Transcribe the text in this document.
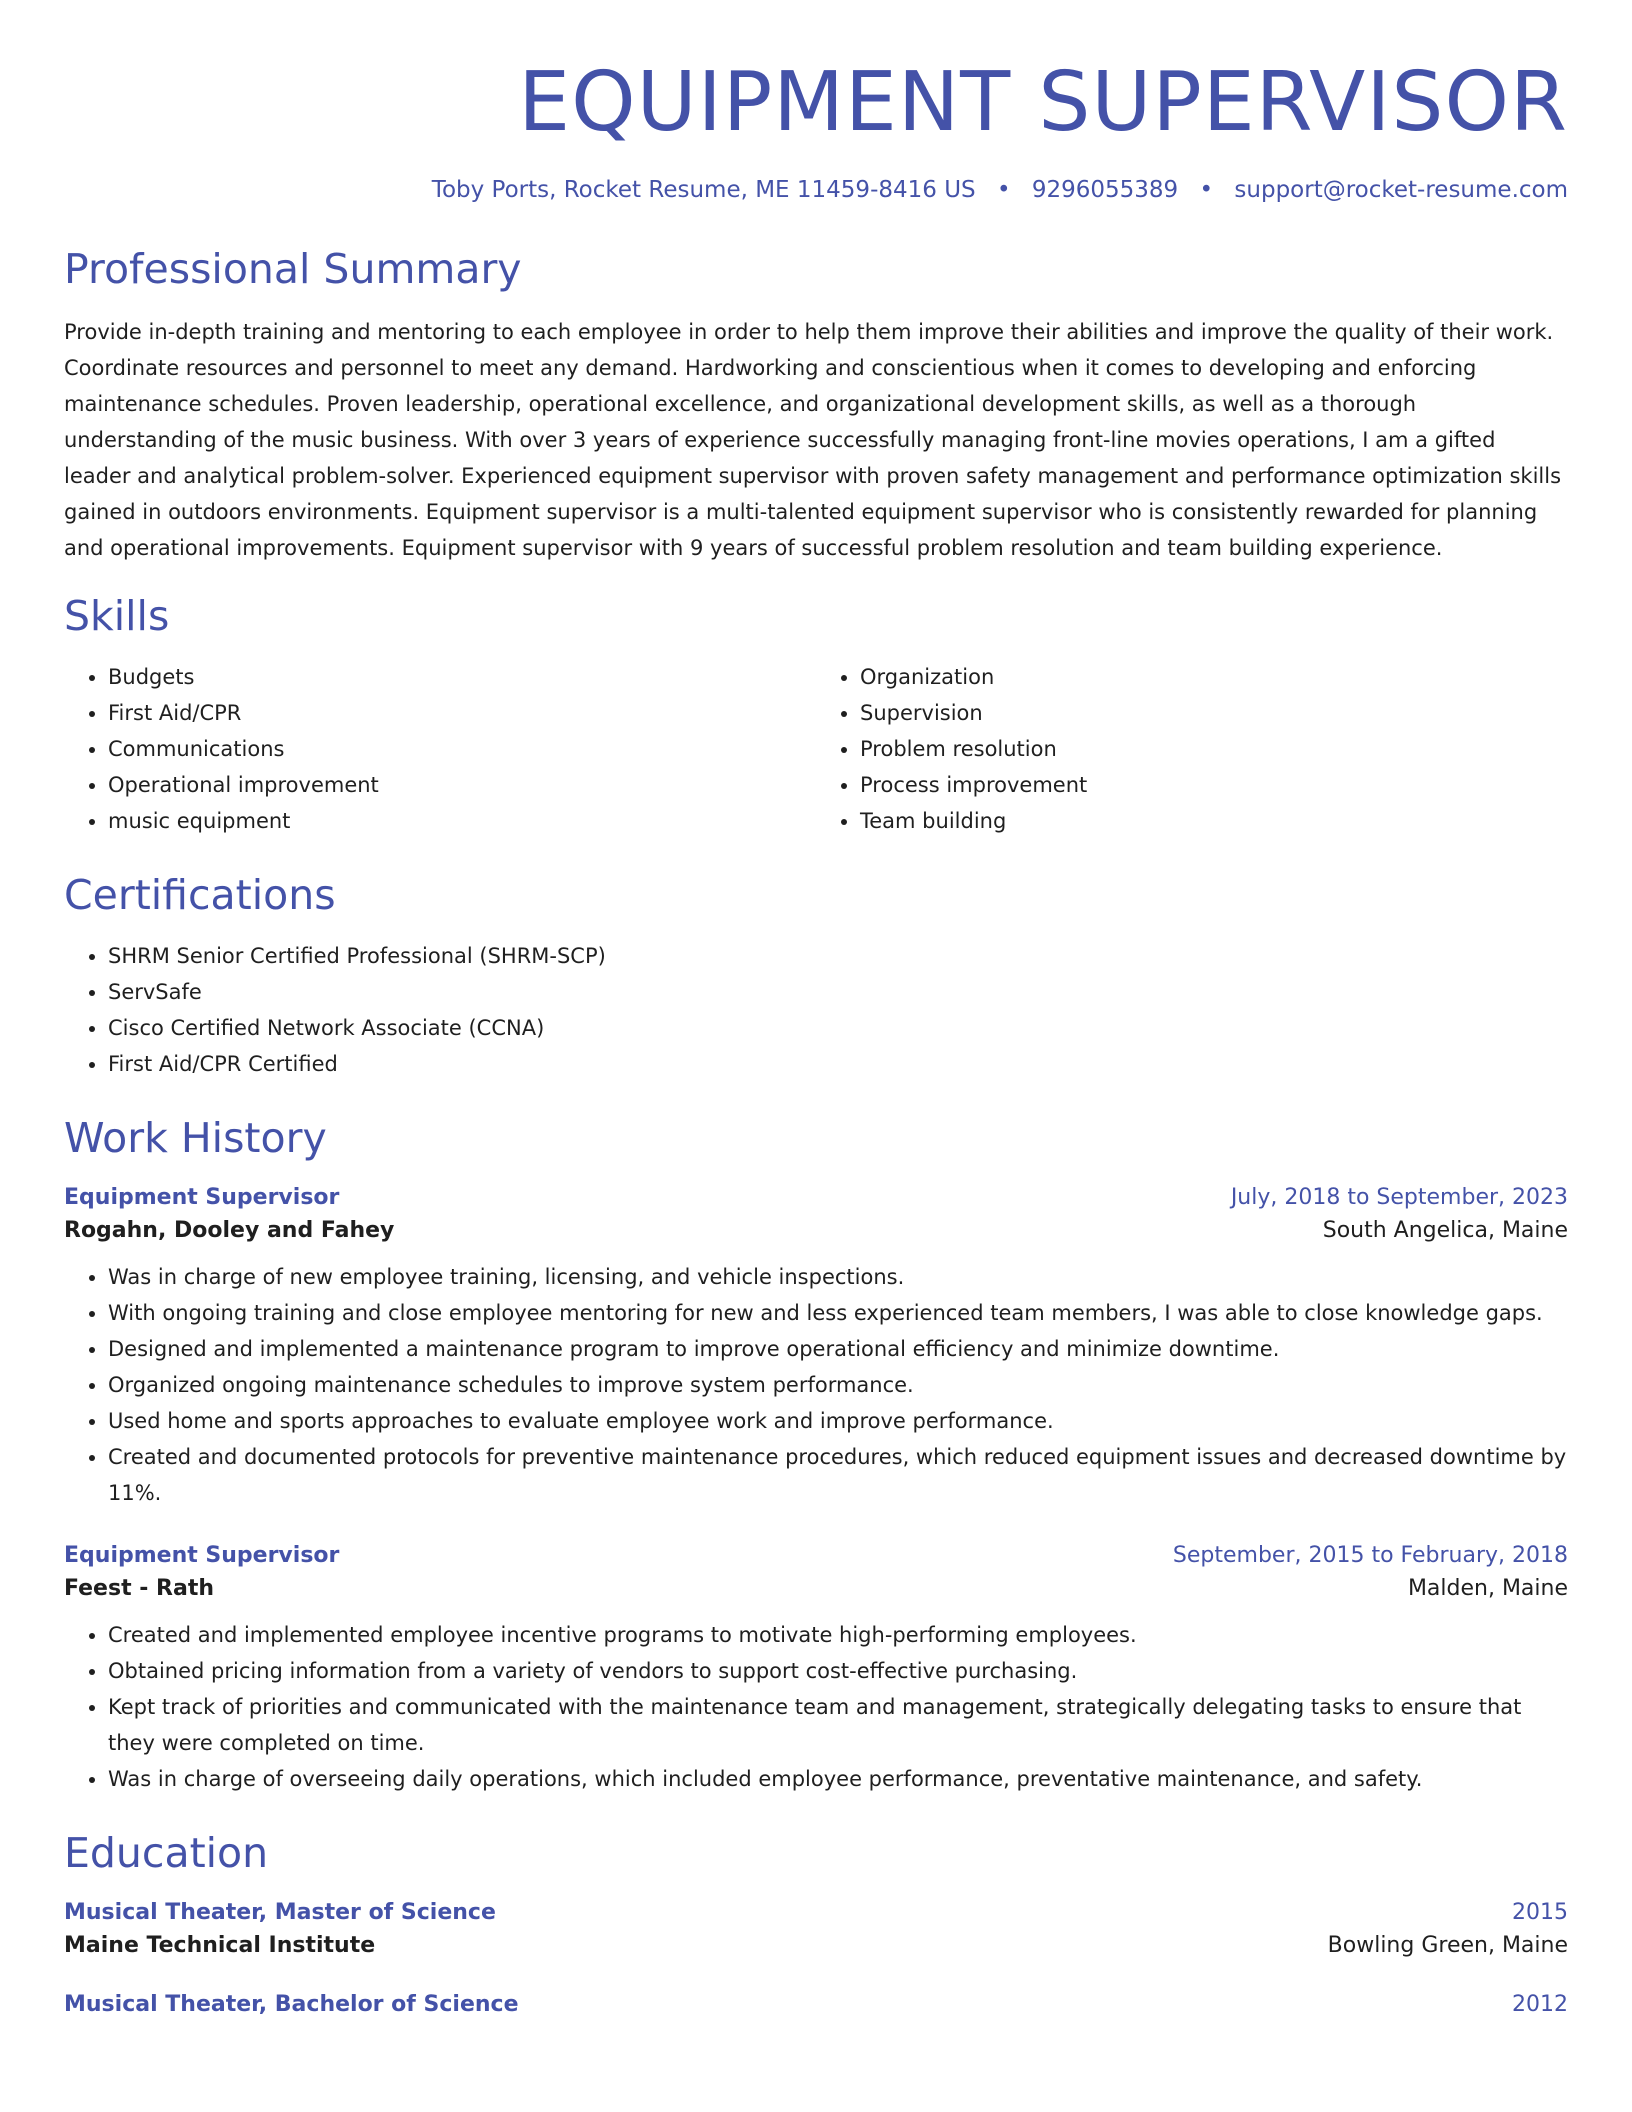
EQUIPMENT SUPERVISOR
Toby Ports, Rocket Resume, ME 11459-8416 US • 9296055389 • support@rocket-resume.com
Professional Summary
Provide in-depth training and mentoring to each employee in order to help them improve their abilities and improve the quality of their work. Coordinate resources and personnel to meet any demand. Hardworking and conscientious when it comes to developing and enforcing maintenance schedules. Proven leadership, operational excellence, and organizational development skills, as well as a thorough understanding of the music business. With over 3 years of experience successfully managing front-line movies operations, I am a gifted leader and analytical problem-solver. Experienced equipment supervisor with proven safety management and performance optimization skills gained in outdoors environments. Equipment supervisor is a multi-talented equipment supervisor who is consistently rewarded for planning and operational improvements. Equipment supervisor with 9 years of successful problem resolution and team building experience.
Skills
• Budgets
• First Aid/CPR
• Communications
• Operational improvement
• music equipment
• Organization
• Supervision
• Problem resolution
• Process improvement
• Team building
Certifications
• SHRM Senior Certified Professional (SHRM-SCP)
• ServSafe
• Cisco Certified Network Associate (CCNA)
• First Aid/CPR Certified
Work History
Equipment Supervisor	July, 2018 to September, 2023
Rogahn, Dooley and Fahey	South Angelica, Maine
• Was in charge of new employee training, licensing, and vehicle inspections.
• With ongoing training and close employee mentoring for new and less experienced team members, I was able to close knowledge gaps.
• Designed and implemented a maintenance program to improve operational efficiency and minimize downtime.
• Organized ongoing maintenance schedules to improve system performance.
• Used home and sports approaches to evaluate employee work and improve performance.
• Created and documented protocols for preventive maintenance procedures, which reduced equipment issues and decreased downtime by 11%.
Equipment Supervisor	September, 2015 to February, 2018
Feest - Rath	Malden, Maine
• Created and implemented employee incentive programs to motivate high-performing employees.
• Obtained pricing information from a variety of vendors to support cost-effective purchasing.
• Kept track of priorities and communicated with the maintenance team and management, strategically delegating tasks to ensure that they were completed on time.
• Was in charge of overseeing daily operations, which included employee performance, preventative maintenance, and safety.
Education
Musical Theater, Master of Science	2015
Maine Technical Institute	Bowling Green, Maine
Musical Theater, Bachelor of Science	2012
